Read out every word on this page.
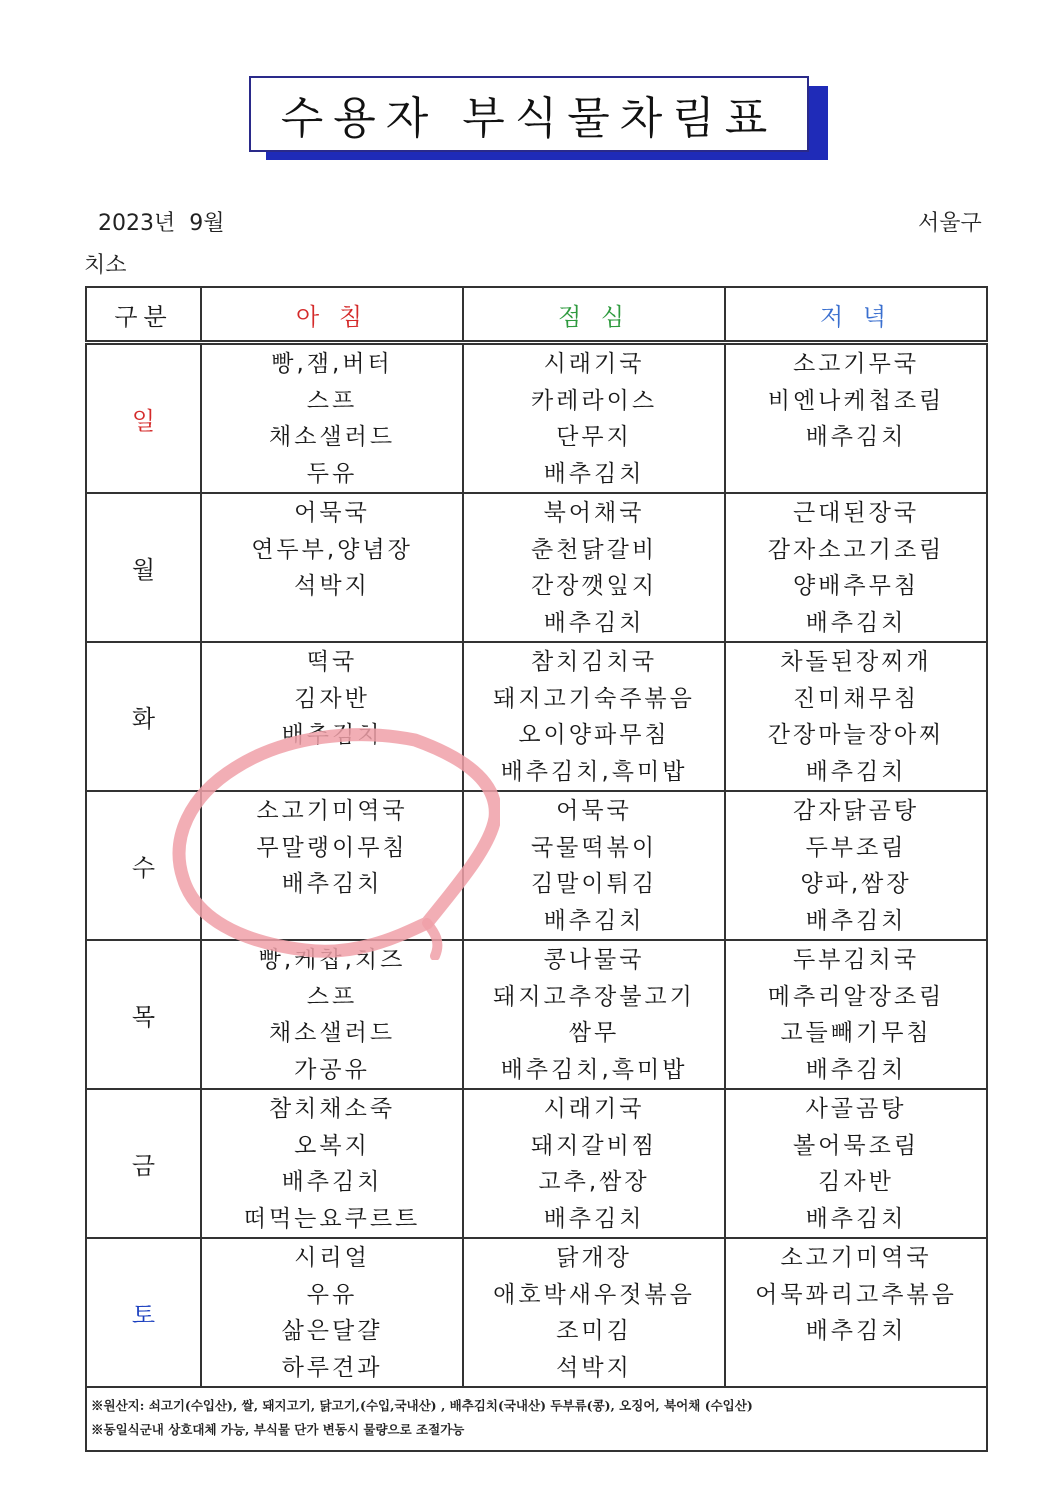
수용자 부식물차림표
2023년  9월	서울구
치소
구분	아 침	점 심	저 녁
일	빵,잼,버터
스프
채소샐러드
두유	시래기국
카레라이스
단무지
배추김치	소고기무국
비엔나케첩조림
배추김치

월	어묵국
연두부,양념장
석박지	북어채국
춘천닭갈비
간장깻잎지
배추김치	근대된장국
감자소고기조림
양배추무침
배추김치

화	떡국
김자반
배추김치	참치김치국
돼지고기숙주볶음
오이양파무침
배추김치,흑미밥	차돌된장찌개
진미채무침
간장마늘장아찌
배추김치

수	소고기미역국
무말랭이무침
배추김치	어묵국
국물떡볶이
김말이튀김
배추김치	감자닭곰탕
두부조림
양파,쌈장
배추김치

목	빵,케찹,치즈
스프
채소샐러드
가공유	콩나물국
돼지고추장불고기
쌈무
배추김치,흑미밥	두부김치국
메추리알장조림
고들빼기무침
배추김치

금	참치채소죽
오복지
배추김치
떠먹는요쿠르트	시래기국
돼지갈비찜
고추,쌈장
배추김치	사골곰탕
볼어묵조림
김자반
배추김치

토	시리얼
우유
삶은달걀
하루견과	닭개장
애호박새우젓볶음
조미김
석박지	소고기미역국
어묵꽈리고추볶음
배추김치

※원산지: 쇠고기(수입산), 쌀, 돼지고기, 닭고기,(수입,국내산) , 배추김치(국내산) 두부류(콩), 오징어, 북어채 (수입산)
※동일식군내 상호대체 가능, 부식물 단가 변동시 물량으로 조절가능			
